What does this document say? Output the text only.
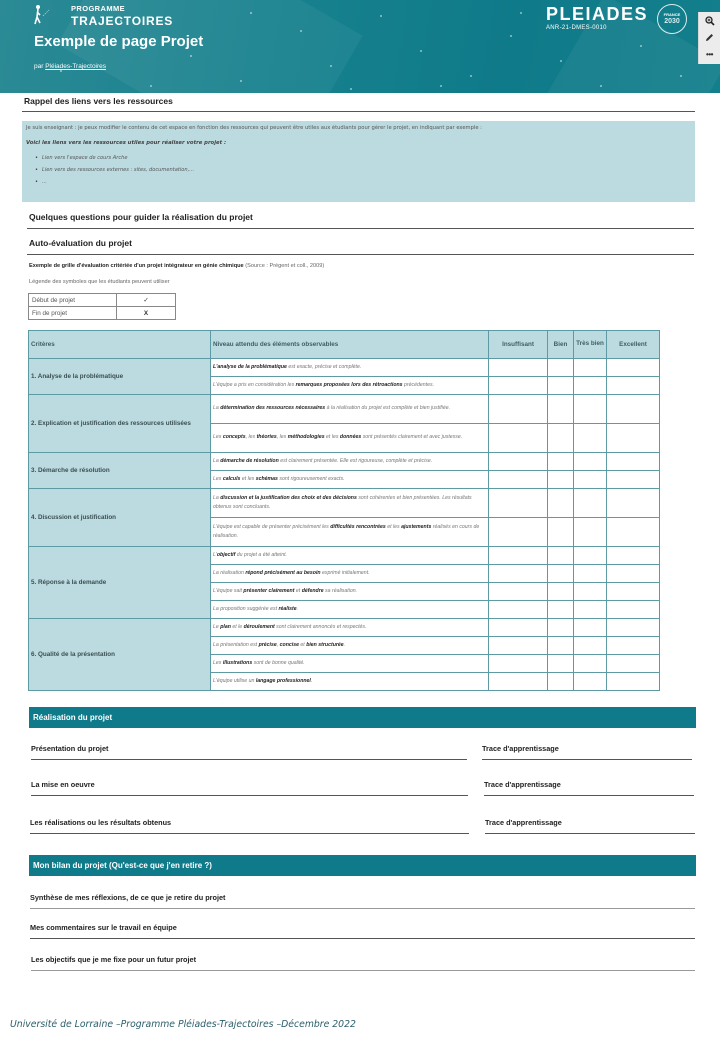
PROGRAMME
TRAJECTOIRES
Exemple de page Projet
par Pléiades-Trajectoires
PLEIADES
ANR-21-DMES-0010
FRANCE
2030
•••
Rappel des liens vers les ressources

Je suis enseignant : je peux modifier le contenu de cet espace en fonction des ressources qui peuvent être utiles aux étudiants pour gérer le projet, en indiquant par exemple :

Voici les liens vers les ressources utiles pour réaliser votre projet :

• Lien vers l'espace de cours Arche
• Lien vers des ressources externes : sites, documentation,...
• ...
Quelques questions pour guider la réalisation du projet
Auto-évaluation du projet
Exemple de grille d'évaluation critériée d'un projet intégrateur en génie chimique (Source : Prégent et coll., 2009)
Légende des symboles que les étudiants peuvent utiliser
Début de projet	✓
Fin de projet	X
Critères	Niveau attendu des éléments observables	Insuffisant	Bien	Très bien	Excellent
1. Analyse de la problématique	L'analyse de la problématique est exacte, précise et complète.				
	L'équipe a pris en considération les remarques proposées lors des rétroactions précédentes.				
2. Explication et justification des ressources utilisées	La détermination des ressources nécessaires à la réalisation du projet est complète et bien justifiée.				
	Les concepts, les théories, les méthodologies et les données sont présentés clairement et avec justesse.				
3. Démarche de résolution	La démarche de résolution est clairement présentée. Elle est rigoureuse, complète et précise.				
	Les calculs et les schémas sont rigoureusement exacts.				
4. Discussion et justification	La discussion et la justification des choix et des décisions sont cohérentes et bien présentées. Les résultats obtenus sont concluants.				
	L'équipe est capable de présenter précisément les difficultés rencontrées et les ajustements réalisés en cours de réalisation.				
5. Réponse à la demande	L'objectif du projet a été atteint.				
	La réalisation répond précisément au besoin exprimé initialement.				
	L'équipe sait présenter clairement et défendre sa réalisation.				
	La proposition suggérée est réaliste.				
6. Qualité de la présentation	Le plan et le déroulement sont clairement annoncés et respectés.				
	La présentation est précise, concise et bien structurée.				
	Les illustrations sont de bonne qualité.				
	L'équipe utilise un langage professionnel.				
Réalisation du projet
Présentation du projet	Trace d'apprentissage
La mise en oeuvre	Trace d'apprentissage
Les réalisations ou les résultats obtenus	Trace d'apprentissage
Mon bilan du projet (Qu'est-ce que j'en retire ?)
Synthèse de mes réflexions, de ce que je retire du projet
Mes commentaires sur le travail en équipe
Les objectifs que je me fixe pour un futur projet
Université de Lorraine –Programme Pléiades-Trajectoires –Décembre 2022
